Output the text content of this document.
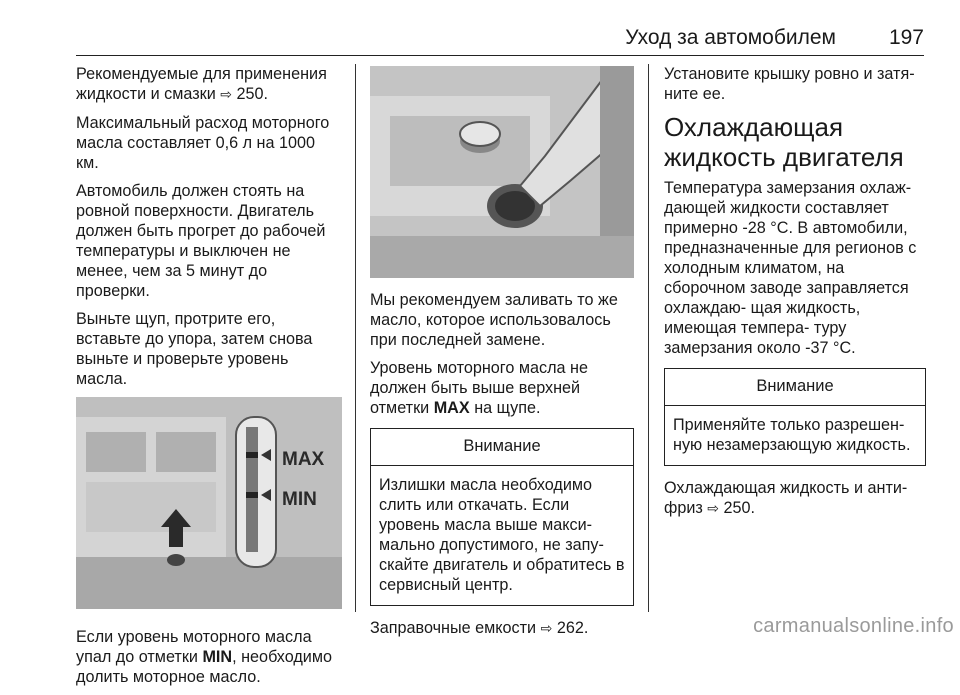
Уход за автомобилем	197

Рекомендуемые для применения жидкости и смазки ⇨ 250.

Максимальный расход моторного масла составляет 0,6 л на 1000 км.

Автомобиль должен стоять на ровной поверхности. Двигатель должен быть прогрет до рабочей температуры и выключен не менее, чем за 5 минут до проверки.

Выньте щуп, протрите его, вставьте до упора, затем снова выньте и проверьте уровень масла.

MAX
MIN

Если уровень моторного масла упал до отметки MIN, необходимо долить моторное масло.

Мы рекомендуем заливать то же масло, которое использовалось при последней замене.

Уровень моторного масла не должен быть выше верхней отметки MAX на щупе.

Внимание

Излишки масла необходимо слить или откачать. Если уровень масла выше макси- мально допустимого, не запу- скайте двигатель и обратитесь в сервисный центр.

Заправочные емкости ⇨ 262.

Установите крышку ровно и затя- ните ее.

Охлаждающая жидкость двигателя

Температура замерзания охлаж- дающей жидкости составляет примерно -28 °C. В автомобили, предназначенные для регионов с холодным климатом, на сборочном заводе заправляется охлаждаю- щая жидкость, имеющая темпера- туру замерзания около -37 °C.

Внимание

Применяйте только разрешен- ную незамерзающую жидкость.

Охлаждающая жидкость и анти- фриз ⇨ 250.

carmanualsonline.info
